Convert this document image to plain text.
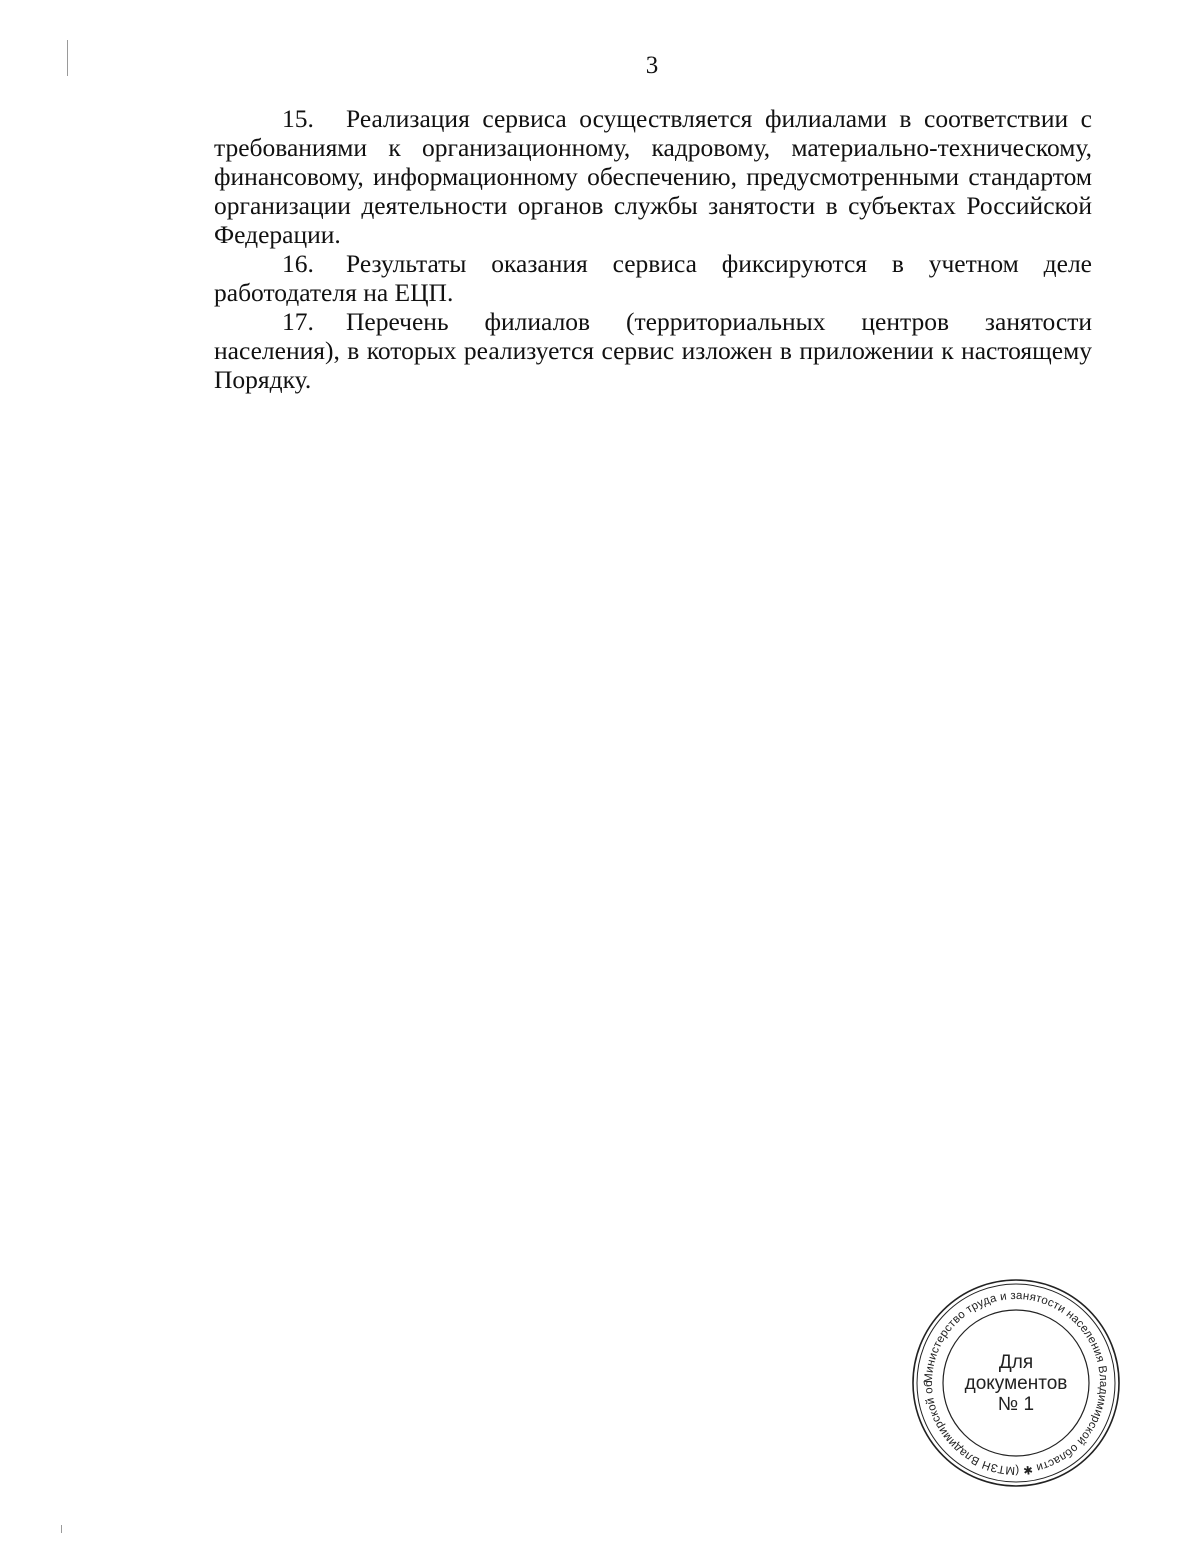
3

15. Реализация сервиса осуществляется филиалами в соответствии с требованиями к организационному, кадровому, материально-техническому, финансовому, информационному обеспечению, предусмотренными стандартом организации деятельности органов службы занятости в субъектах Российской Федерации.

16. Результаты оказания сервиса фиксируются в учетном деле работодателя на ЕЦП.

17. Перечень филиалов (территориальных центров занятости населения), в которых реализуется сервис изложен в приложении к настоящему Порядку.

Министерство труда и занятости населения Владимирской области ✱ (МТЗН Владимирской об
Для
документов
№ 1
